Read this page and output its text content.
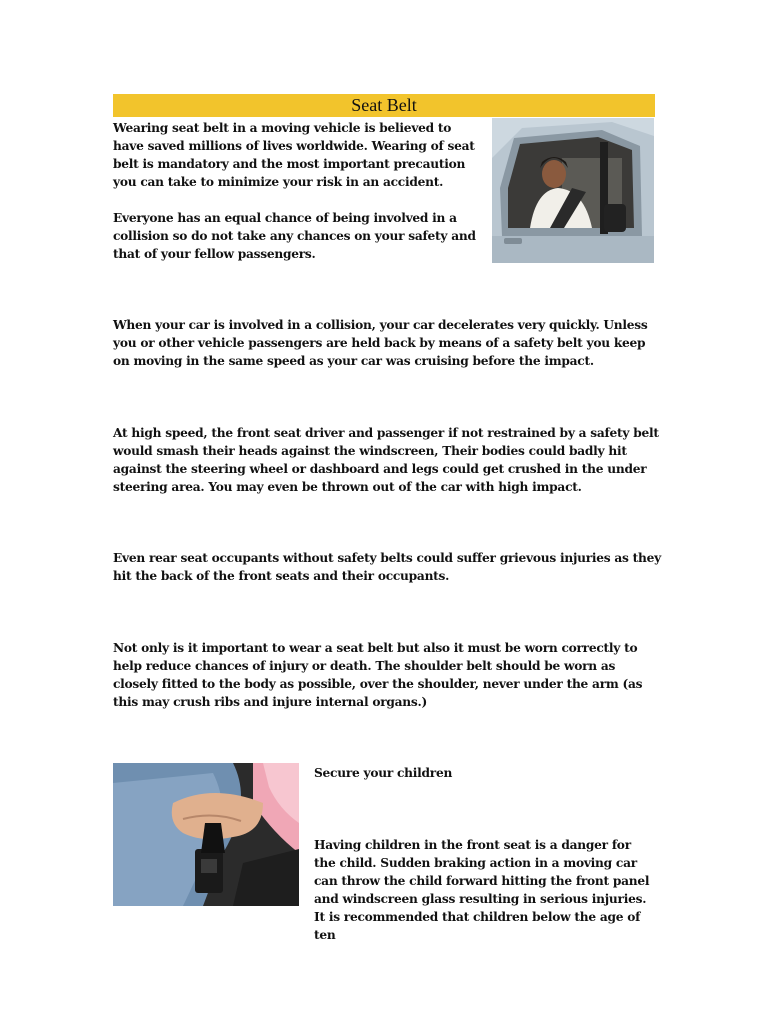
Seat Belt

Wearing seat belt in a moving vehicle is believed to have saved millions of lives worldwide. Wearing of seat belt is mandatory and the most important precaution you can take to minimize your risk in an accident.

Everyone has an equal chance of being involved in a collision so do not take any chances on your safety and that of your fellow passengers.

When your car is involved in a collision, your car decelerates very quickly. Unless you or other vehicle passengers are held back by means of a safety belt you keep on moving in the same speed as your car was cruising before the impact.

At high speed, the front seat driver and passenger if not restrained by a safety belt would smash their heads against the windscreen, Their bodies could badly hit against the steering wheel or dashboard and legs could get crushed in the under steering area. You may even be thrown out of the car with high impact.

Even rear seat occupants without safety belts could suffer grievous injuries as they hit the back of the front seats and their occupants.

Not only is it important to wear a seat belt but also it must be worn correctly to help reduce chances of injury or death. The shoulder belt should be worn as closely fitted to the body as possible, over the shoulder, never under the arm (as this may crush ribs and injure internal organs.)

Secure your children

Having children in the front seat is a danger for the child. Sudden braking action in a moving car can throw the child forward hitting the front panel and windscreen glass resulting in serious injuries. It is recommended that children below the age of ten
